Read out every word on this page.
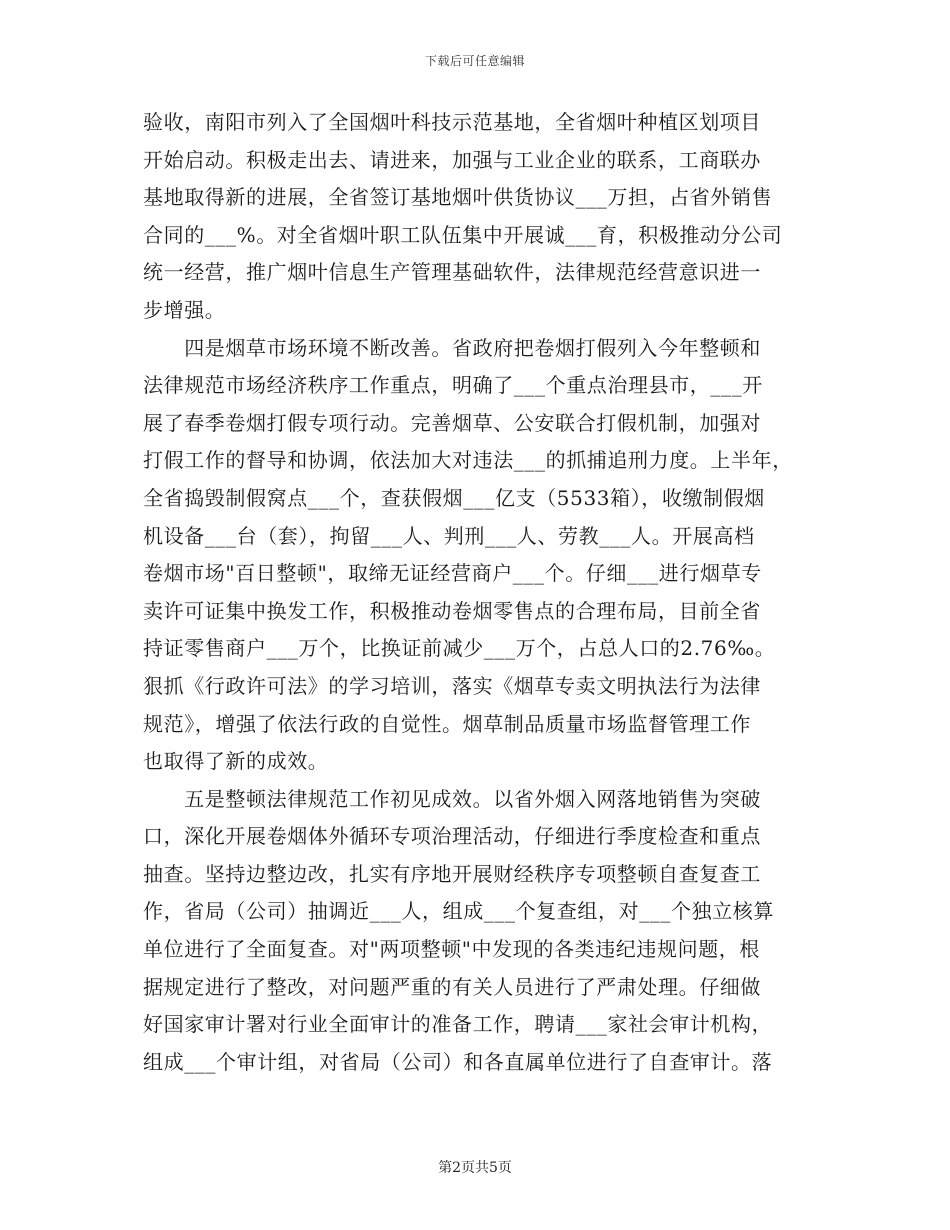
下载后可任意编辑
验收，南阳市列入了全国烟叶科技示范基地，全省烟叶种植区划项目
开始启动。积极走出去、请进来，加强与工业企业的联系，工商联办
基地取得新的进展，全省签订基地烟叶供货协议___万担，占省外销售
合同的___%。对全省烟叶职工队伍集中开展诚___育，积极推动分公司
统一经营，推广烟叶信息生产管理基础软件，法律规范经营意识进一
步增强。
　　四是烟草市场环境不断改善。省政府把卷烟打假列入今年整顿和
法律规范市场经济秩序工作重点，明确了___个重点治理县市，___开
展了春季卷烟打假专项行动。完善烟草、公安联合打假机制，加强对
打假工作的督导和协调，依法加大对违法___的抓捕追刑力度。上半年，
全省捣毁制假窝点___个，查获假烟___亿支（5533箱），收缴制假烟
机设备___台（套），拘留___人、判刑___人、劳教___人。开展高档
卷烟市场"百日整顿"，取缔无证经营商户___个。仔细___进行烟草专
卖许可证集中换发工作，积极推动卷烟零售点的合理布局，目前全省
持证零售商户___万个，比换证前减少___万个，占总人口的2.76‰。
狠抓《行政许可法》的学习培训，落实《烟草专卖文明执法行为法律
规范》，增强了依法行政的自觉性。烟草制品质量市场监督管理工作
也取得了新的成效。
　　五是整顿法律规范工作初见成效。以省外烟入网落地销售为突破
口，深化开展卷烟体外循环专项治理活动，仔细进行季度检查和重点
抽查。坚持边整边改，扎实有序地开展财经秩序专项整顿自查复查工
作，省局（公司）抽调近___人，组成___个复查组，对___个独立核算
单位进行了全面复查。对"两项整顿"中发现的各类违纪违规问题，根
据规定进行了整改，对问题严重的有关人员进行了严肃处理。仔细做
好国家审计署对行业全面审计的准备工作，聘请___家社会审计机构，
组成___个审计组，对省局（公司）和各直属单位进行了自查审计。落
第2页共5页
